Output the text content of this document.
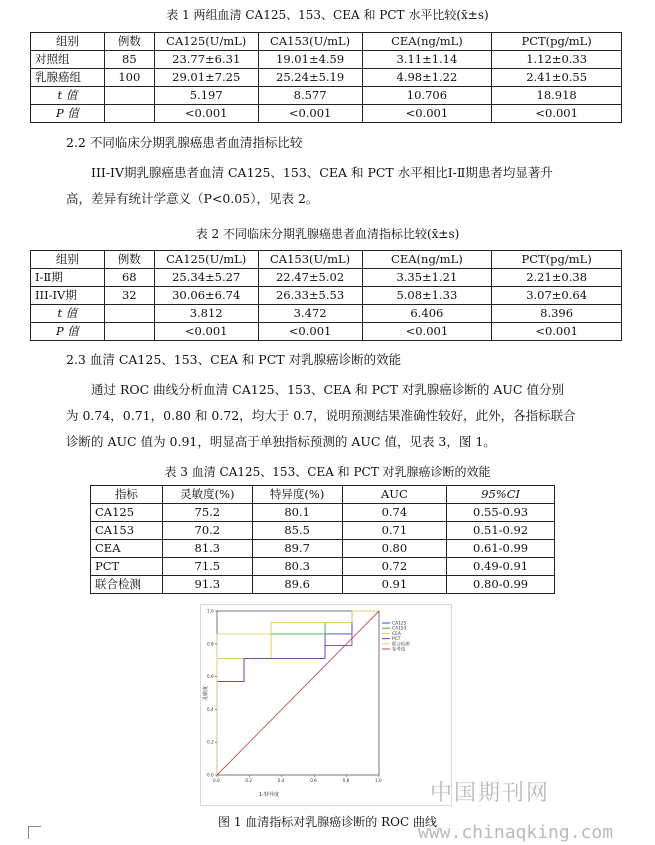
表 1 两组血清 CA125、153、CEA 和 PCT 水平比较(x̄±s)
组别	例数	CA125(U/mL)	CA153(U/mL)	CEA(ng/mL)	PCT(pg/mL)
对照组	85	23.77±6.31	19.01±4.59	3.11±1.14	1.12±0.33
乳腺癌组	100	29.01±7.25	25.24±5.19	4.98±1.22	2.41±0.55
t 值		5.197	8.577	10.706	18.918
P 值		<0.001	<0.001	<0.001	<0.001
2.2 不同临床分期乳腺癌患者血清指标比较
III-IV期乳腺癌患者血清 CA125、153、CEA 和 PCT 水平相比Ⅰ-Ⅱ期患者均显著升
高，差异有统计学意义（P<0.05），见表 2。
表 2 不同临床分期乳腺癌患者血清指标比较(x̄±s)
组别	例数	CA125(U/mL)	CA153(U/mL)	CEA(ng/mL)	PCT(pg/mL)
Ⅰ-Ⅱ期	68	25.34±5.27	22.47±5.02	3.35±1.21	2.21±0.38
III-IV期	32	30.06±6.74	26.33±5.53	5.08±1.33	3.07±0.64
t 值		3.812	3.472	6.406	8.396
P 值		<0.001	<0.001	<0.001	<0.001
2.3 血清 CA125、153、CEA 和 PCT 对乳腺癌诊断的效能
通过 ROC 曲线分析血清 CA125、153、CEA 和 PCT 对乳腺癌诊断的 AUC 值分别
为 0.74，0.71，0.80 和 0.72，均大于 0.7，说明预测结果准确性较好，此外，各指标联合
诊断的 AUC 值为 0.91，明显高于单独指标预测的 AUC 值，见表 3，图 1。
表 3 血清 CA125、153、CEA 和 PCT 对乳腺癌诊断的效能
指标	灵敏度(%)	特异度(%)	AUC	95%CI
CA125	75.2	80.1	0.74	0.55-0.93
CA153	70.2	85.5	0.71	0.51-0.92
CEA	81.3	89.7	0.80	0.61-0.99
PCT	71.5	80.3	0.72	0.49-0.91
联合检测	91.3	89.6	0.91	0.80-0.99
0.0	0.2	0.4	0.6	0.8	1.0
0.0
0.2
0.4
0.6
0.8
1.0
CA125
CA153
CEA
PCT
联合检测
参考线
1-特异度
灵敏度
图 1 血清指标对乳腺癌诊断的 ROC 曲线
中国期刊网
www.chinaqking.com
